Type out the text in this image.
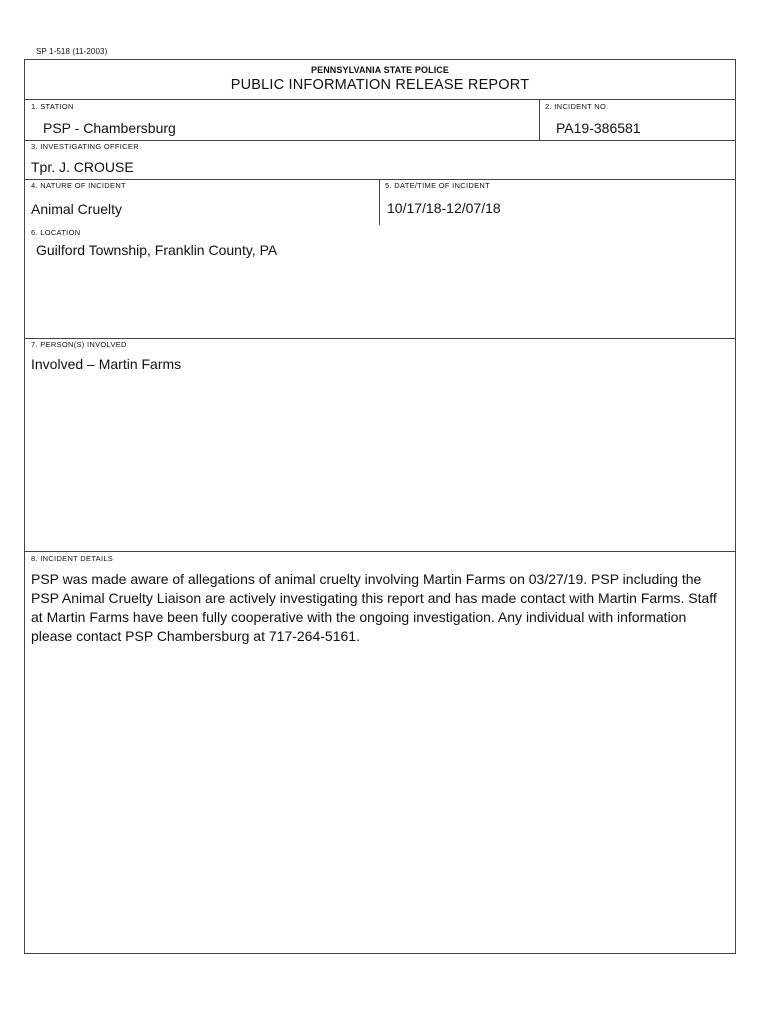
SP 1-518 (11-2003)
PENNSYLVANIA STATE POLICE
PUBLIC INFORMATION RELEASE REPORT
1. STATION
PSP - Chambersburg
2. INCIDENT NO.
PA19-386581
3. INVESTIGATING OFFICER
Tpr. J. CROUSE
4. NATURE OF INCIDENT
Animal Cruelty
5. DATE/TIME OF INCIDENT
10/17/18-12/07/18
6. LOCATION
Guilford Township, Franklin County, PA
7. PERSON(S) INVOLVED
Involved – Martin Farms
8. INCIDENT DETAILS
PSP was made aware of allegations of animal cruelty involving Martin Farms on 03/27/19. PSP including the PSP Animal Cruelty Liaison are actively investigating this report and has made contact with Martin Farms. Staff at Martin Farms have been fully cooperative with the ongoing investigation. Any individual with information please contact PSP Chambersburg at 717-264-5161.
